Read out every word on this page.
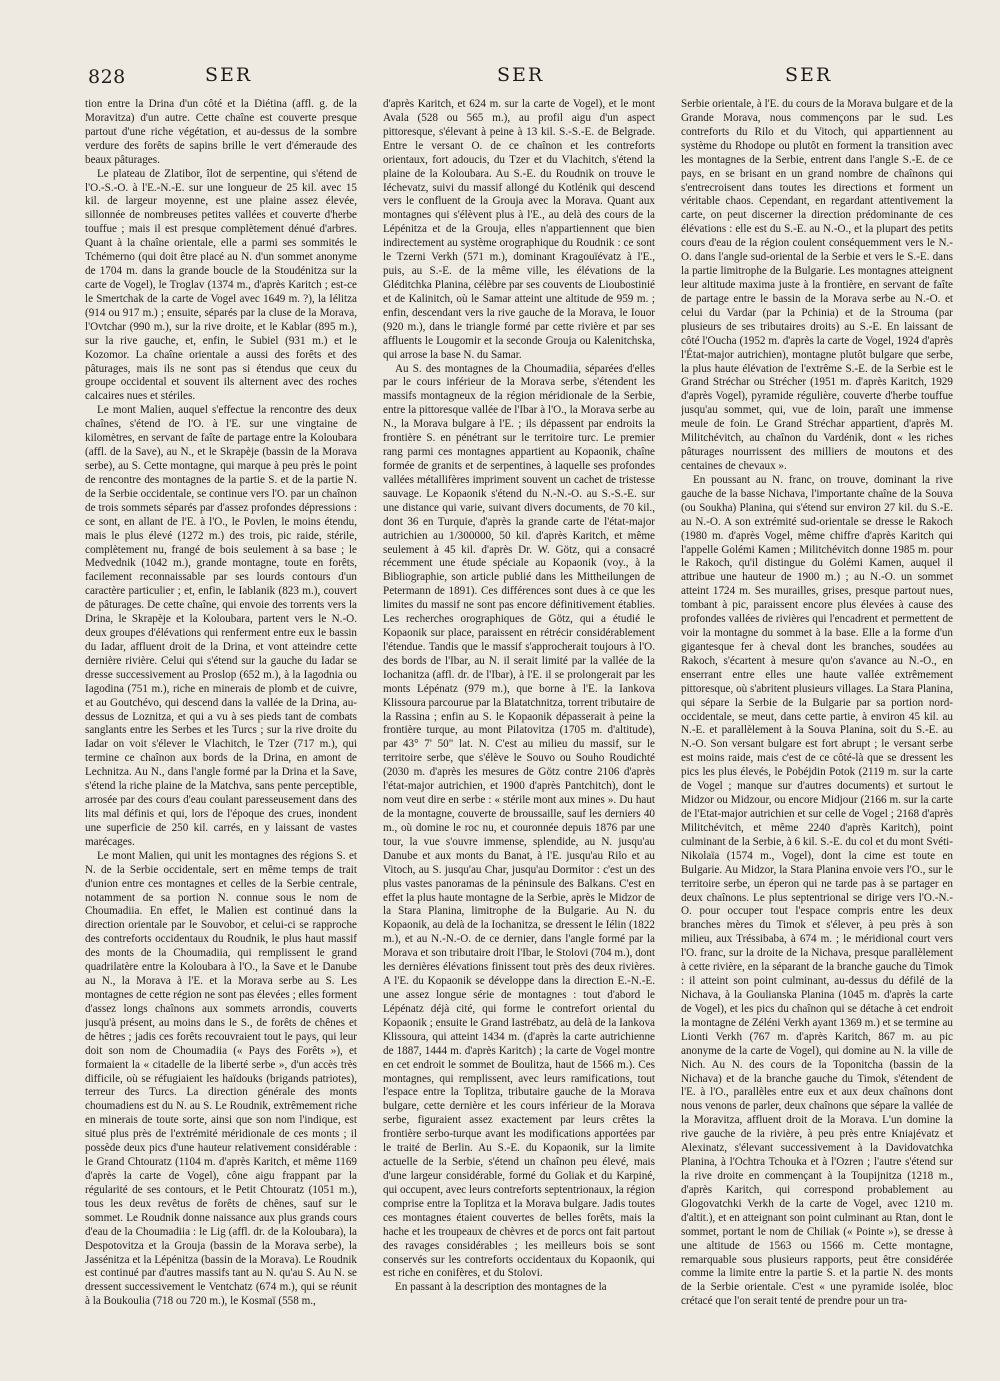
828	SER	SER	SER

tion entre la Drina d'un côté et la Diétina (affl. g. de la Moravitza) d'un autre. Cette chaîne est couverte presque partout d'une riche végétation, et au-dessus de la sombre verdure des forêts de sapins brille le vert d'émeraude des beaux pâturages.

Le plateau de Zlatibor, îlot de serpentine, qui s'étend de l'O.-S.-O. à l'E.-N.-E. sur une longueur de 25 kil. avec 15 kil. de largeur moyenne, est une plaine assez élevée, sillonnée de nombreuses petites vallées et couverte d'herbe touffue ; mais il est presque complètement dénué d'arbres. Quant à la chaîne orientale, elle a parmi ses sommités le Tchémerno (qui doit être placé au N. d'un sommet anonyme de 1704 m. dans la grande boucle de la Stoudénitza sur la carte de Vogel), le Troglav (1374 m., d'après Karitch ; est-ce le Smertchak de la carte de Vogel avec 1649 m. ?), la Iélitza (914 ou 917 m.) ; ensuite, séparés par la cluse de la Morava, l'Ovtchar (990 m.), sur la rive droite, et le Kablar (895 m.), sur la rive gauche, et, enfin, le Subiel (931 m.) et le Kozomor. La chaîne orientale a aussi des forêts et des pâturages, mais ils ne sont pas si étendus que ceux du groupe occidental et souvent ils alternent avec des roches calcaires nues et stériles.

Le mont Malien, auquel s'effectue la rencontre des deux chaînes, s'étend de l'O. à l'E. sur une vingtaine de kilomètres, en servant de faîte de partage entre la Koloubara (affl. de la Save), au N., et le Skrapèje (bassin de la Morava serbe), au S. Cette montagne, qui marque à peu près le point de rencontre des montagnes de la partie S. et de la partie N. de la Serbie occidentale, se continue vers l'O. par un chaînon de trois sommets séparés par d'assez profondes dépressions : ce sont, en allant de l'E. à l'O., le Povlen, le moins étendu, mais le plus élevé (1272 m.) des trois, pic raide, stérile, complètement nu, frangé de bois seulement à sa base ; le Medvednik (1042 m.), grande montagne, toute en forêts, facilement reconnaissable par ses lourds contours d'un caractère particulier ; et, enfin, le Iablanik (823 m.), couvert de pâturages. De cette chaîne, qui envoie des torrents vers la Drina, le Skrapèje et la Koloubara, partent vers le N.-O. deux groupes d'élévations qui renferment entre eux le bassin du Iadar, affluent droit de la Drina, et vont atteindre cette dernière rivière. Celui qui s'étend sur la gauche du Iadar se dresse successivement au Proslop (652 m.), à la Iagodnia ou Iagodina (751 m.), riche en minerais de plomb et de cuivre, et au Goutchévo, qui descend dans la vallée de la Drina, au-dessus de Loznitza, et qui a vu à ses pieds tant de combats sanglants entre les Serbes et les Turcs ; sur la rive droite du Iadar on voit s'élever le Vlachitch, le Tzer (717 m.), qui termine ce chaînon aux bords de la Drina, en amont de Lechnitza. Au N., dans l'angle formé par la Drina et la Save, s'étend la riche plaine de la Matchva, sans pente perceptible, arrosée par des cours d'eau coulant paresseusement dans des lits mal définis et qui, lors de l'époque des crues, inondent une superficie de 250 kil. carrés, en y laissant de vastes marécages.

Le mont Malien, qui unit les montagnes des régions S. et N. de la Serbie occidentale, sert en même temps de trait d'union entre ces montagnes et celles de la Serbie centrale, notamment de sa portion N. connue sous le nom de Choumadiia. En effet, le Malien est continué dans la direction orientale par le Souvobor, et celui-ci se rapproche des contreforts occidentaux du Roudnik, le plus haut massif des monts de la Choumadiia, qui remplissent le grand quadrilatère entre la Koloubara à l'O., la Save et le Danube au N., la Morava à l'E. et la Morava serbe au S. Les montagnes de cette région ne sont pas élevées ; elles forment d'assez longs chaînons aux sommets arrondis, couverts jusqu'à présent, au moins dans le S., de forêts de chênes et de hêtres ; jadis ces forêts recouvraient tout le pays, qui leur doit son nom de Choumadiia (« Pays des Forêts »), et formaient la « citadelle de la liberté serbe », d'un accès très difficile, où se réfugiaient les haïdouks (brigands patriotes), terreur des Turcs. La direction générale des monts choumadiens est du N. au S. Le Roudnik, extrêmement riche en minerais de toute sorte, ainsi que son nom l'indique, est situé plus près de l'extrémité méridionale de ces monts ; il possède deux pics d'une hauteur relativement considérable : le Grand Chtouratz (1104 m. d'après Karitch, et même 1169 d'après la carte de Vogel), cône aigu frappant par la régularité de ses contours, et le Petit Chtouratz (1051 m.), tous les deux revêtus de forêts de chênes, sauf sur le sommet. Le Roudnik donne naissance aux plus grands cours d'eau de la Choumadiia : le Lig (affl. dr. de la Koloubara), la Despotovitza et la Grouja (bassin de la Morava serbe), la Jassénitza et la Lépénitza (bassin de la Morava). Le Roudnik est continué par d'autres massifs tant au N. qu'au S. Au N. se dressent successivement le Ventchatz (674 m.), qui se réunit à la Boukoulia (718 ou 720 m.), le Kosmaï (558 m.,

d'après Karitch, et 624 m. sur la carte de Vogel), et le mont Avala (528 ou 565 m.), au profil aigu d'un aspect pittoresque, s'élevant à peine à 13 kil. S.-S.-E. de Belgrade. Entre le versant O. de ce chaînon et les contreforts orientaux, fort adoucis, du Tzer et du Vlachitch, s'étend la plaine de la Koloubara. Au S.-E. du Roudnik on trouve le Iéchevatz, suivi du massif allongé du Kotlénik qui descend vers le confluent de la Grouja avec la Morava. Quant aux montagnes qui s'élèvent plus à l'E., au delà des cours de la Lépénitza et de la Grouja, elles n'appartiennent que bien indirectement au système orographique du Roudnik : ce sont le Tzerni Verkh (571 m.), dominant Kragouïévatz à l'E., puis, au S.-E. de la même ville, les élévations de la Gléditchka Planina, célèbre par ses couvents de Lioubostinié et de Kalinitch, où le Samar atteint une altitude de 959 m. ; enfin, descendant vers la rive gauche de la Morava, le Iouor (920 m.), dans le triangle formé par cette rivière et par ses affluents le Lougomir et la seconde Grouja ou Kalenitchska, qui arrose la base N. du Samar.

Au S. des montagnes de la Choumadiia, séparées d'elles par le cours inférieur de la Morava serbe, s'étendent les massifs montagneux de la région méridionale de la Serbie, entre la pittoresque vallée de l'Ibar à l'O., la Morava serbe au N., la Morava bulgare à l'E. ; ils dépassent par endroits la frontière S. en pénétrant sur le territoire turc. Le premier rang parmi ces montagnes appartient au Kopaonik, chaîne formée de granits et de serpentines, à laquelle ses profondes vallées métallifères impriment souvent un cachet de tristesse sauvage. Le Kopaonik s'étend du N.-N.-O. au S.-S.-E. sur une distance qui varie, suivant divers documents, de 70 kil., dont 36 en Turquie, d'après la grande carte de l'état-major autrichien au 1/300000, 50 kil. d'après Karitch, et même seulement à 45 kil. d'après Dr. W. Götz, qui a consacré récemment une étude spéciale au Kopaonik (voy., à la Bibliographie, son article publié dans les Mittheilungen de Petermann de 1891). Ces différences sont dues à ce que les limites du massif ne sont pas encore définitivement établies. Les recherches orographiques de Götz, qui a étudié le Kopaonik sur place, paraissent en rétrécir considérablement l'étendue. Tandis que le massif s'approcherait toujours à l'O. des bords de l'Ibar, au N. il serait limité par la vallée de la Iochanitza (affl. dr. de l'Ibar), à l'E. il se prolongerait par les monts Lépénatz (979 m.), que borne à l'E. la Iankova Klissoura parcourue par la Blatatchnitza, torrent tributaire de la Rassina ; enfin au S. le Kopaonik dépasserait à peine la frontière turque, au mont Pilatovitza (1705 m. d'altitude), par 43° 7' 50" lat. N. C'est au milieu du massif, sur le territoire serbe, que s'élève le Souvo ou Souho Roudichté (2030 m. d'après les mesures de Götz contre 2106 d'après l'état-major autrichien, et 1900 d'après Pantchitch), dont le nom veut dire en serbe : « stérile mont aux mines ». Du haut de la montagne, couverte de broussaille, sauf les derniers 40 m., où domine le roc nu, et couronnée depuis 1876 par une tour, la vue s'ouvre immense, splendide, au N. jusqu'au Danube et aux monts du Banat, à l'E. jusqu'au Rilo et au Vitoch, au S. jusqu'au Char, jusqu'au Dormitor : c'est un des plus vastes panoramas de la péninsule des Balkans. C'est en effet la plus haute montagne de la Serbie, après le Midzor de la Stara Planina, limitrophe de la Bulgarie. Au N. du Kopaonik, au delà de la Iochanitza, se dressent le Iélin (1822 m.), et au N.-N.-O. de ce dernier, dans l'angle formé par la Morava et son tributaire droit l'Ibar, le Stolovi (704 m.), dont les dernières élévations finissent tout près des deux rivières. A l'E. du Kopaonik se développe dans la direction E.-N.-E. une assez longue série de montagnes : tout d'abord le Lépénatz déjà cité, qui forme le contrefort oriental du Kopaonik ; ensuite le Grand Iastrébatz, au delà de la Iankova Klissoura, qui atteint 1434 m. (d'après la carte autrichienne de 1887, 1444 m. d'après Karitch) ; la carte de Vogel montre en cet endroit le sommet de Boulitza, haut de 1566 m.). Ces montagnes, qui remplissent, avec leurs ramifications, tout l'espace entre la Toplitza, tributaire gauche de la Morava bulgare, cette dernière et les cours inférieur de la Morava serbe, figuraient assez exactement par leurs crêtes la frontière serbo-turque avant les modifications apportées par le traité de Berlin. Au S.-E. du Kopaonik, sur la limite actuelle de la Serbie, s'étend un chaînon peu élevé, mais d'une largeur considérable, formé du Goliak et du Karpiné, qui occupent, avec leurs contreforts septentrionaux, la région comprise entre la Toplitza et la Morava bulgare. Jadis toutes ces montagnes étaient couvertes de belles forêts, mais la hache et les troupeaux de chèvres et de porcs ont fait partout des ravages considérables ; les meilleurs bois se sont conservés sur les contreforts occidentaux du Kopaonik, qui est riche en conifères, et du Stolovi.

En passant à la description des montagnes de la

Serbie orientale, à l'E. du cours de la Morava bulgare et de la Grande Morava, nous commençons par le sud. Les contreforts du Rilo et du Vitoch, qui appartiennent au système du Rhodope ou plutôt en forment la transition avec les montagnes de la Serbie, entrent dans l'angle S.-E. de ce pays, en se brisant en un grand nombre de chaînons qui s'entrecroisent dans toutes les directions et forment un véritable chaos. Cependant, en regardant attentivement la carte, on peut discerner la direction prédominante de ces élévations : elle est du S.-E. au N.-O., et la plupart des petits cours d'eau de la région coulent conséquemment vers le N.-O. dans l'angle sud-oriental de la Serbie et vers le S.-E. dans la partie limitrophe de la Bulgarie. Les montagnes atteignent leur altitude maxima juste à la frontière, en servant de faîte de partage entre le bassin de la Morava serbe au N.-O. et celui du Vardar (par la Pchinia) et de la Strouma (par plusieurs de ses tributaires droits) au S.-E. En laissant de côté l'Oucha (1952 m. d'après la carte de Vogel, 1924 d'après l'État-major autrichien), montagne plutôt bulgare que serbe, la plus haute élévation de l'extrême S.-E. de la Serbie est le Grand Stréchar ou Strécher (1951 m. d'après Karitch, 1929 d'après Vogel), pyramide régulière, couverte d'herbe touffue jusqu'au sommet, qui, vue de loin, paraît une immense meule de foin. Le Grand Stréchar appartient, d'après M. Militchévitch, au chaînon du Vardénik, dont « les riches pâturages nourrissent des milliers de moutons et des centaines de chevaux ».

En poussant au N. franc, on trouve, dominant la rive gauche de la basse Nichava, l'importante chaîne de la Souva (ou Soukha) Planina, qui s'étend sur environ 27 kil. du S.-E. au N.-O. A son extrémité sud-orientale se dresse le Rakoch (1980 m. d'après Vogel, même chiffre d'après Karitch qui l'appelle Golémi Kamen ; Militchévitch donne 1985 m. pour le Rakoch, qu'il distingue du Golémi Kamen, auquel il attribue une hauteur de 1900 m.) ; au N.-O. un sommet atteint 1724 m. Ses murailles, grises, presque partout nues, tombant à pic, paraissent encore plus élevées à cause des profondes vallées de rivières qui l'encadrent et permettent de voir la montagne du sommet à la base. Elle a la forme d'un gigantesque fer à cheval dont les branches, soudées au Rakoch, s'écartent à mesure qu'on s'avance au N.-O., en enserrant entre elles une haute vallée extrêmement pittoresque, où s'abritent plusieurs villages. La Stara Planina, qui sépare la Serbie de la Bulgarie par sa portion nord-occidentale, se meut, dans cette partie, à environ 45 kil. au N.-E. et parallèlement à la Souva Planina, soit du S.-E. au N.-O. Son versant bulgare est fort abrupt ; le versant serbe est moins raide, mais c'est de ce côté-là que se dressent les pics les plus élevés, le Pobéjdin Potok (2119 m. sur la carte de Vogel ; manque sur d'autres documents) et surtout le Midzor ou Midzour, ou encore Midjour (2166 m. sur la carte de l'Etat-major autrichien et sur celle de Vogel ; 2168 d'après Militchévitch, et même 2240 d'après Karitch), point culminant de la Serbie, à 6 kil. S.-E. du col et du mont Svéti-Nikolaïa (1574 m., Vogel), dont la cime est toute en Bulgarie. Au Midzor, la Stara Planina envoie vers l'O., sur le territoire serbe, un éperon qui ne tarde pas à se partager en deux chaînons. Le plus septentrional se dirige vers l'O.-N.-O. pour occuper tout l'espace compris entre les deux branches mères du Timok et s'élever, à peu près à son milieu, aux Tréssibaba, à 674 m. ; le méridional court vers l'O. franc, sur la droite de la Nichava, presque parallèlement à cette rivière, en la séparant de la branche gauche du Timok : il atteint son point culminant, au-dessus du défilé de la Nichava, à la Goulianska Planina (1045 m. d'après la carte de Vogel), et les pics du chaînon qui se détache à cet endroit la montagne de Zéléni Verkh ayant 1369 m.) et se termine au Lionti Verkh (767 m. d'après Karitch, 867 m. au pic anonyme de la carte de Vogel), qui domine au N. la ville de Nich. Au N. des cours de la Toponitcha (bassin de la Nichava) et de la branche gauche du Timok, s'étendent de l'E. à l'O., parallèles entre eux et aux deux chaînons dont nous venons de parler, deux chaînons que sépare la vallée de la Moravitza, affluent droit de la Morava. L'un domine la rive gauche de la rivière, à peu près entre Kniajévatz et Alexinatz, s'élevant successivement à la Davidovatchka Planina, à l'Ochtra Tchouka et à l'Ozren ; l'autre s'étend sur la rive droite en commençant à la Toupijnitza (1218 m., d'après Karitch, qui correspond probablement au Glogovatchki Verkh de la carte de Vogel, avec 1210 m. d'altit.), et en atteignant son point culminant au Rtan, dont le sommet, portant le nom de Chiliak (« Pointe »), se dresse à une altitude de 1563 ou 1566 m. Cette montagne, remarquable sous plusieurs rapports, peut être considérée comme la limite entre la partie S. et la partie N. des monts de la Serbie orientale. C'est « une pyramide isolée, bloc crétacé que l'on serait tenté de prendre pour un tra-
